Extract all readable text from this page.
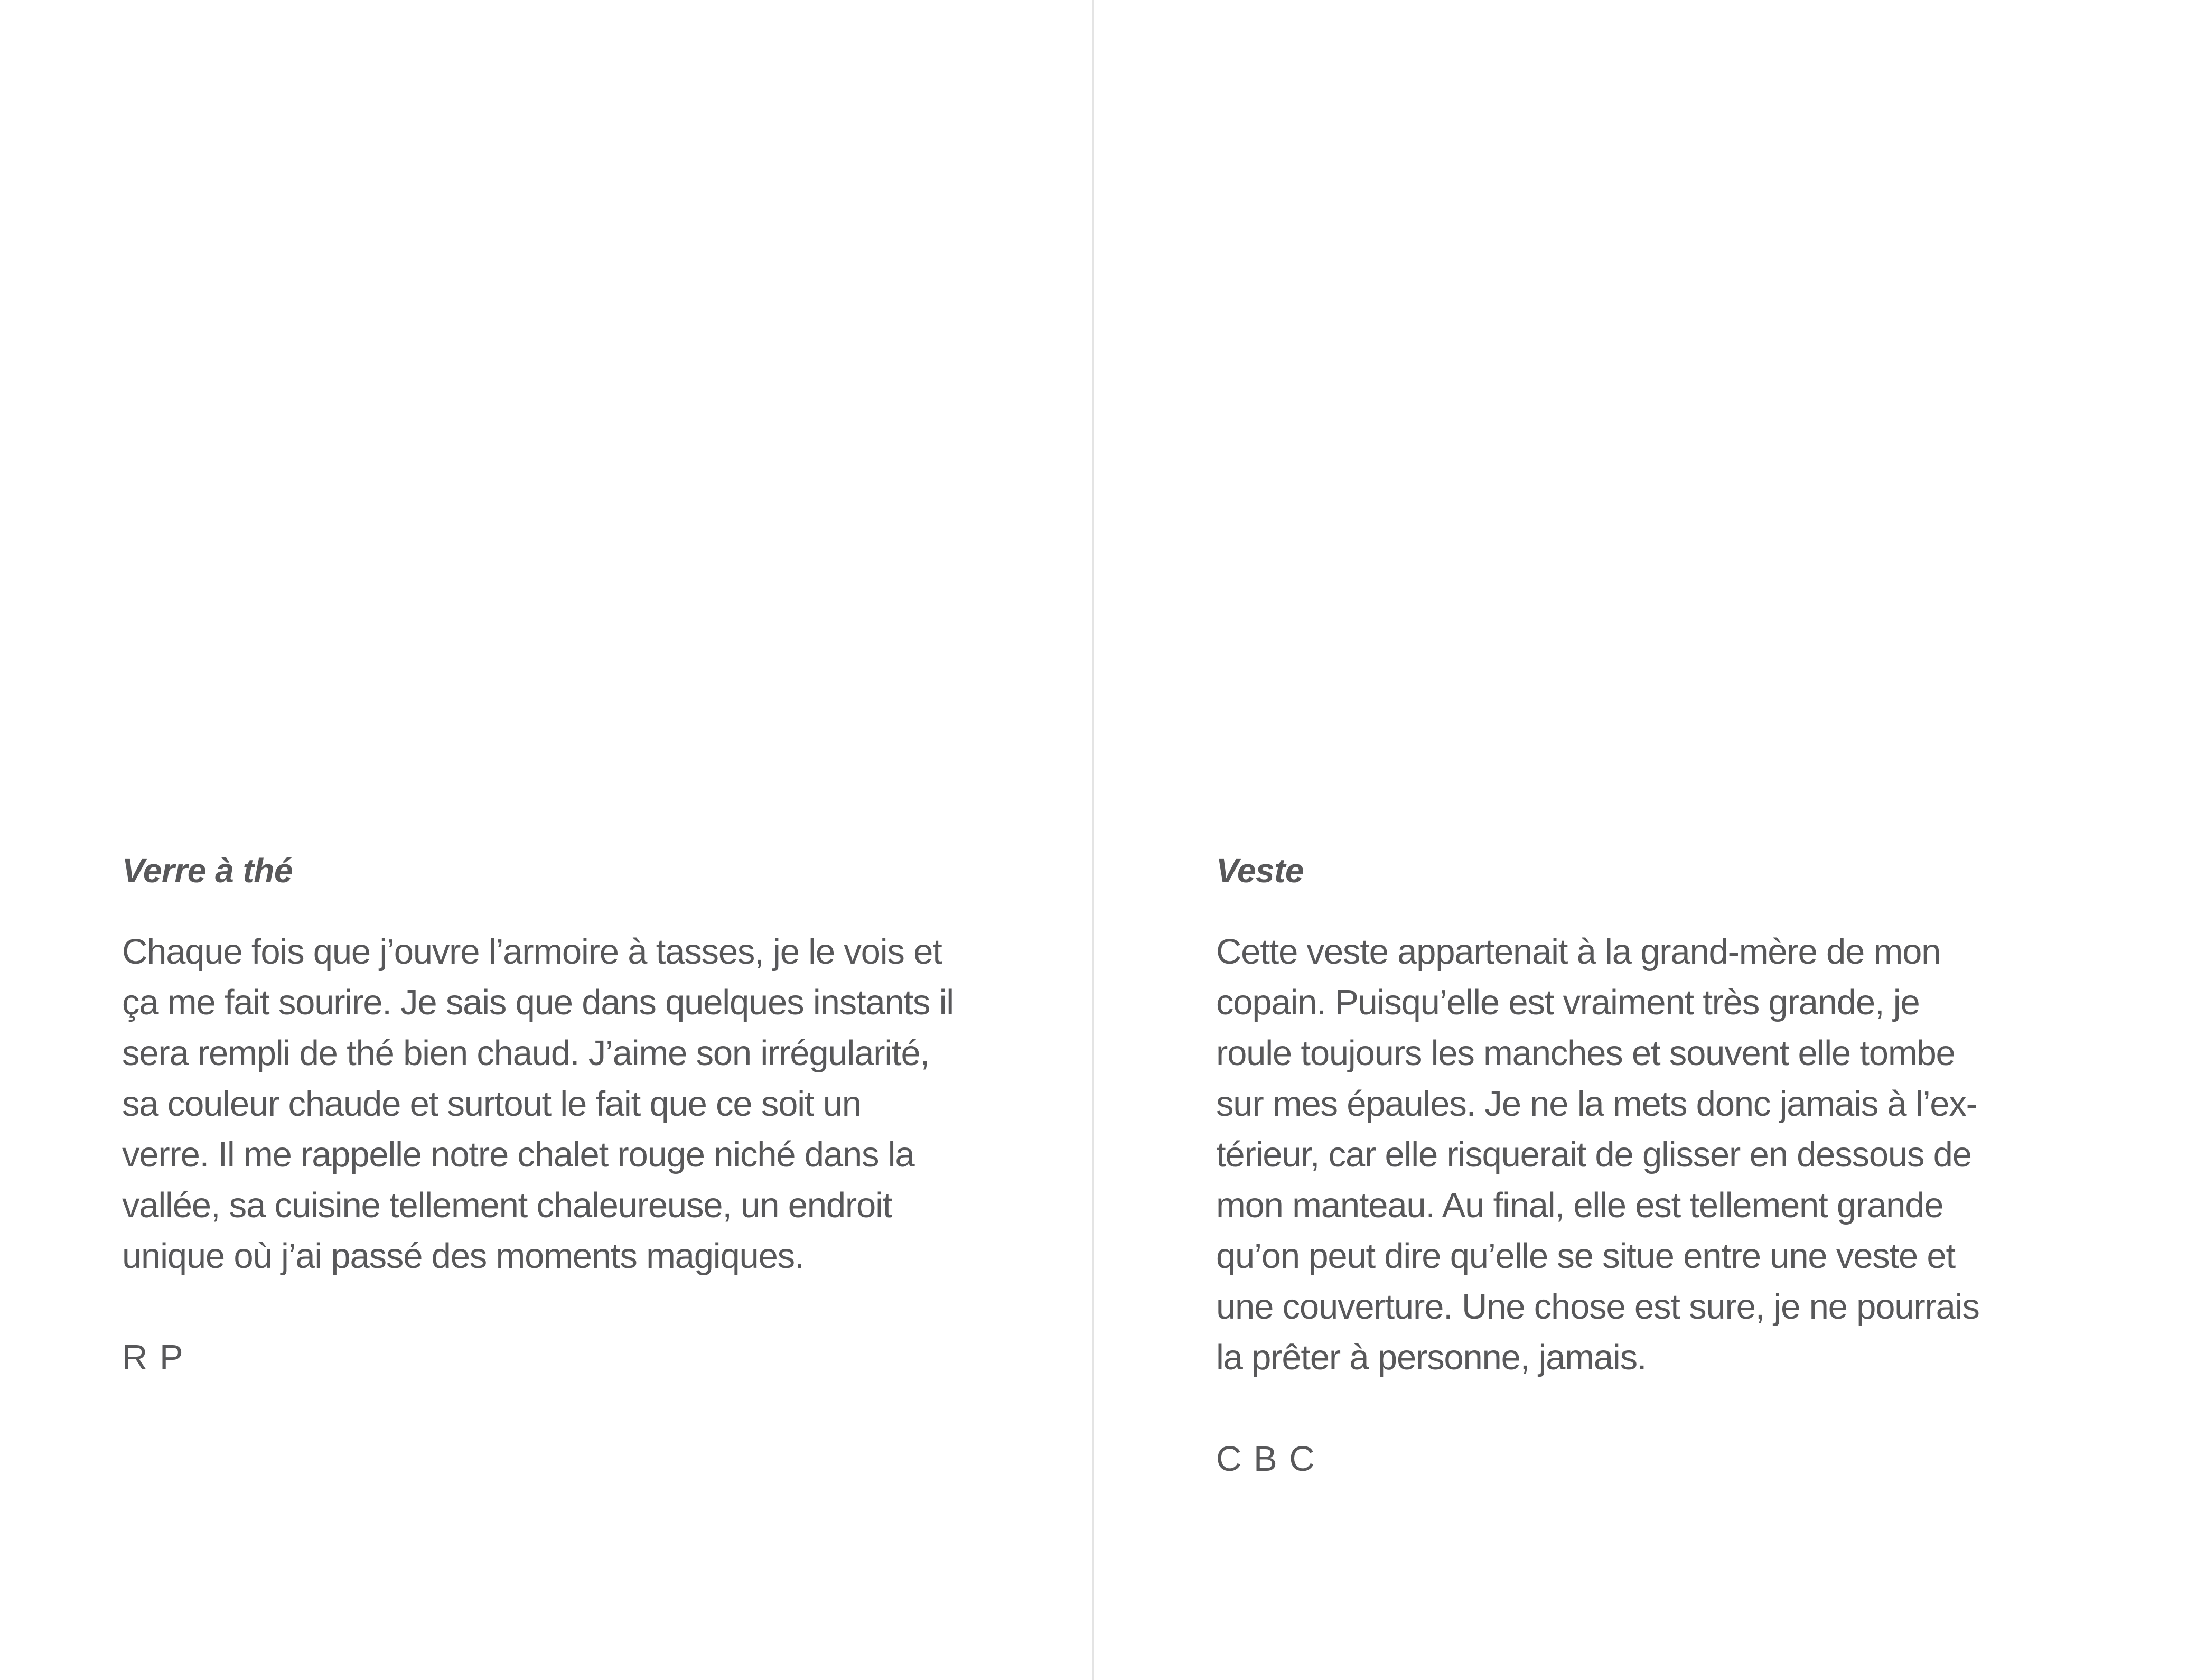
Verre à thé
Chaque fois que j’ouvre l’armoire à tasses, je le vois et
ça me fait sourire. Je sais que dans quelques instants il
sera rempli de thé bien chaud. J’aime son irrégularité,
sa couleur chaude et surtout le fait que ce soit un
verre. Il me rappelle notre chalet rouge niché dans la
vallée, sa cuisine tellement chaleureuse, un endroit
unique où j’ai passé des moments magiques.
R P
Veste
Cette veste appartenait à la grand-mère de mon
copain. Puisqu’elle est vraiment très grande, je
roule toujours les manches et souvent elle tombe
sur mes épaules. Je ne la mets donc jamais à l’ex-
térieur, car elle risquerait de glisser en dessous de
mon manteau. Au final, elle est tellement grande
qu’on peut dire qu’elle se situe entre une veste et
une couverture. Une chose est sure, je ne pourrais
la prêter à personne, jamais.
C B C
